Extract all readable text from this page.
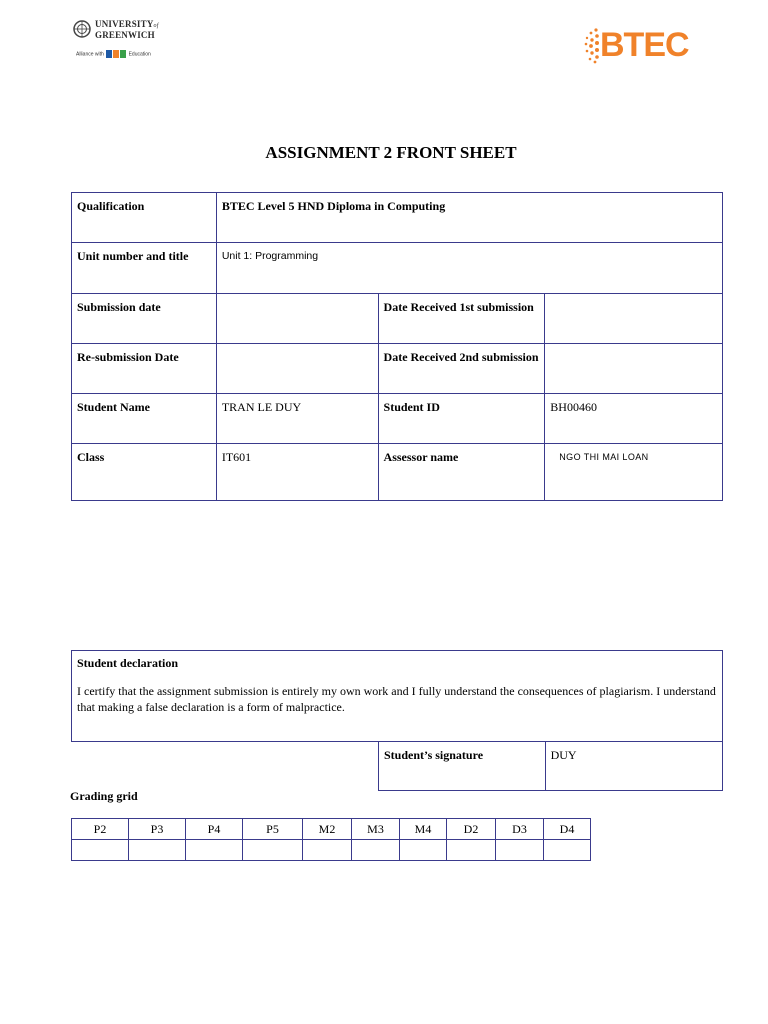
UNIVERSITYof
GREENWICH
Alliance with	Education	BTEC
ASSIGNMENT 2 FRONT SHEET
Qualification	BTEC Level 5 HND Diploma in Computing		

Unit number and title	Unit 1: Programming		

Submission date		Date Received 1st submission	

Re-submission Date		Date Received 2nd submission	

Student Name	TRAN LE DUY	Student ID	BH00460

Class	IT601	Assessor name	NGO THI MAI LOAN
Student declaration
I certify that the assignment submission is entirely my own work and I fully understand the consequences of plagiarism. I understand that making a false declaration is a form of malpractice.
Student’s signature	DUY
Grading grid
P2	P3	P4	P5	M2	M3	M4	D2	D3	D4
